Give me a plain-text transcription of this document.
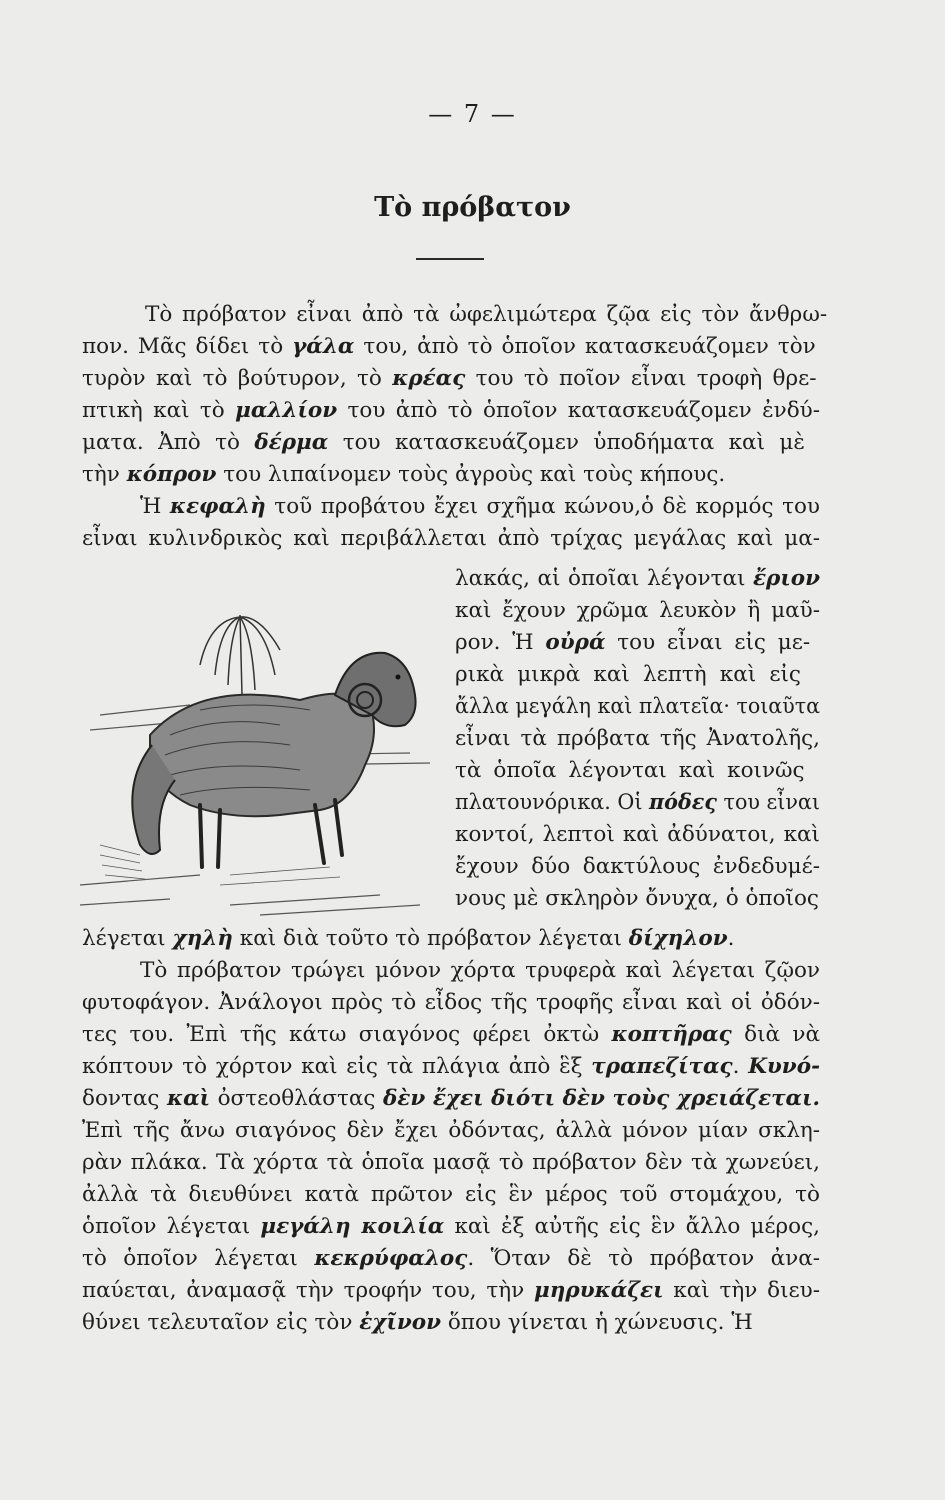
— 7 —
Τὸ πρόβατον
Τὸ πρόβατον εἶναι ἀπὸ τὰ ὠφελιμώτερα ζῷα εἰς τὸν ἄνθρω-
πον. Μᾶς δίδει τὸ γάλα του, ἀπὸ τὸ ὁποῖον κατασκευάζομεν τὸν
τυρὸν καὶ τὸ βούτυρον, τὸ κρέας του τὸ ποῖον εἶναι τροφὴ θρε-
πτικὴ καὶ τὸ μαλλίον του ἀπὸ τὸ ὁποῖον κατασκευάζομεν ἐνδύ-
ματα. Ἀπὸ τὸ δέρμα του κατασκευάζομεν ὑποδήματα καὶ μὲ
τὴν κόπρον του λιπαίνομεν τοὺς ἀγροὺς καὶ τοὺς κήπους.
Ἡ κεφαλὴ τοῦ προβάτου ἔχει σχῆμα κώνου,ὁ δὲ κορμός του
εἶναι κυλινδρικὸς καὶ περιβάλλεται ἀπὸ τρίχας μεγάλας καὶ μα-
λακάς, αἱ ὁποῖαι λέγονται ἔριον
καὶ ἔχουν χρῶμα λευκὸν ἢ μαῦ-
ρον. Ἡ οὐρά του εἶναι εἰς με-
ρικὰ μικρὰ καὶ λεπτὴ καὶ εἰς
ἄλλα μεγάλη καὶ πλατεῖα· τοιαῦτα
εἶναι τὰ πρόβατα τῆς Ἀνατολῆς,
τὰ ὁποῖα λέγονται καὶ κοινῶς
πλατουνόρικα. Οἱ πόδες του εἶναι
κοντοί, λεπτοὶ καὶ ἀδύνατοι, καὶ
ἔχουν δύο δακτύλους ἐνδεδυμέ-
νους μὲ σκληρὸν ὄνυχα, ὁ ὁποῖος
λέγεται χηλὴ καὶ διὰ τοῦτο τὸ πρόβατον λέγεται δίχηλον.
Τὸ πρόβατον τρώγει μόνον χόρτα τρυφερὰ καὶ λέγεται ζῷον
φυτοφάγον. Ἀνάλογοι πρὸς τὸ εἶδος τῆς τροφῆς εἶναι καὶ οἱ ὀδόν-
τες του. Ἐπὶ τῆς κάτω σιαγόνος φέρει ὀκτὼ κοπτῆρας διὰ νὰ
κόπτουν τὸ χόρτον καὶ εἰς τὰ πλάγια ἀπὸ ἓξ τραπεζίτας. Κυνό-
δοντας καὶ ὀστεοθλάστας δὲν ἔχει διότι δὲν τοὺς χρειάζεται.
Ἐπὶ τῆς ἄνω σιαγόνος δὲν ἔχει ὀδόντας, ἀλλὰ μόνον μίαν σκλη-
ρὰν πλάκα. Τὰ χόρτα τὰ ὁποῖα μασᾷ τὸ πρόβατον δὲν τὰ χωνεύει,
ἀλλὰ τὰ διευθύνει κατὰ πρῶτον εἰς ἓν μέρος τοῦ στομάχου, τὸ
ὁποῖον λέγεται μεγάλη κοιλία καὶ ἐξ αὐτῆς εἰς ἓν ἄλλο μέρος,
τὸ ὁποῖον λέγεται κεκρύφαλος. Ὅταν δὲ τὸ πρόβατον ἀνα-
παύεται, ἀναμασᾷ τὴν τροφήν του, τὴν μηρυκάζει καὶ τὴν διευ-
θύνει τελευταῖον εἰς τὸν ἐχῖνον ὅπου γίνεται ἡ χώνευσις. Ἡ
